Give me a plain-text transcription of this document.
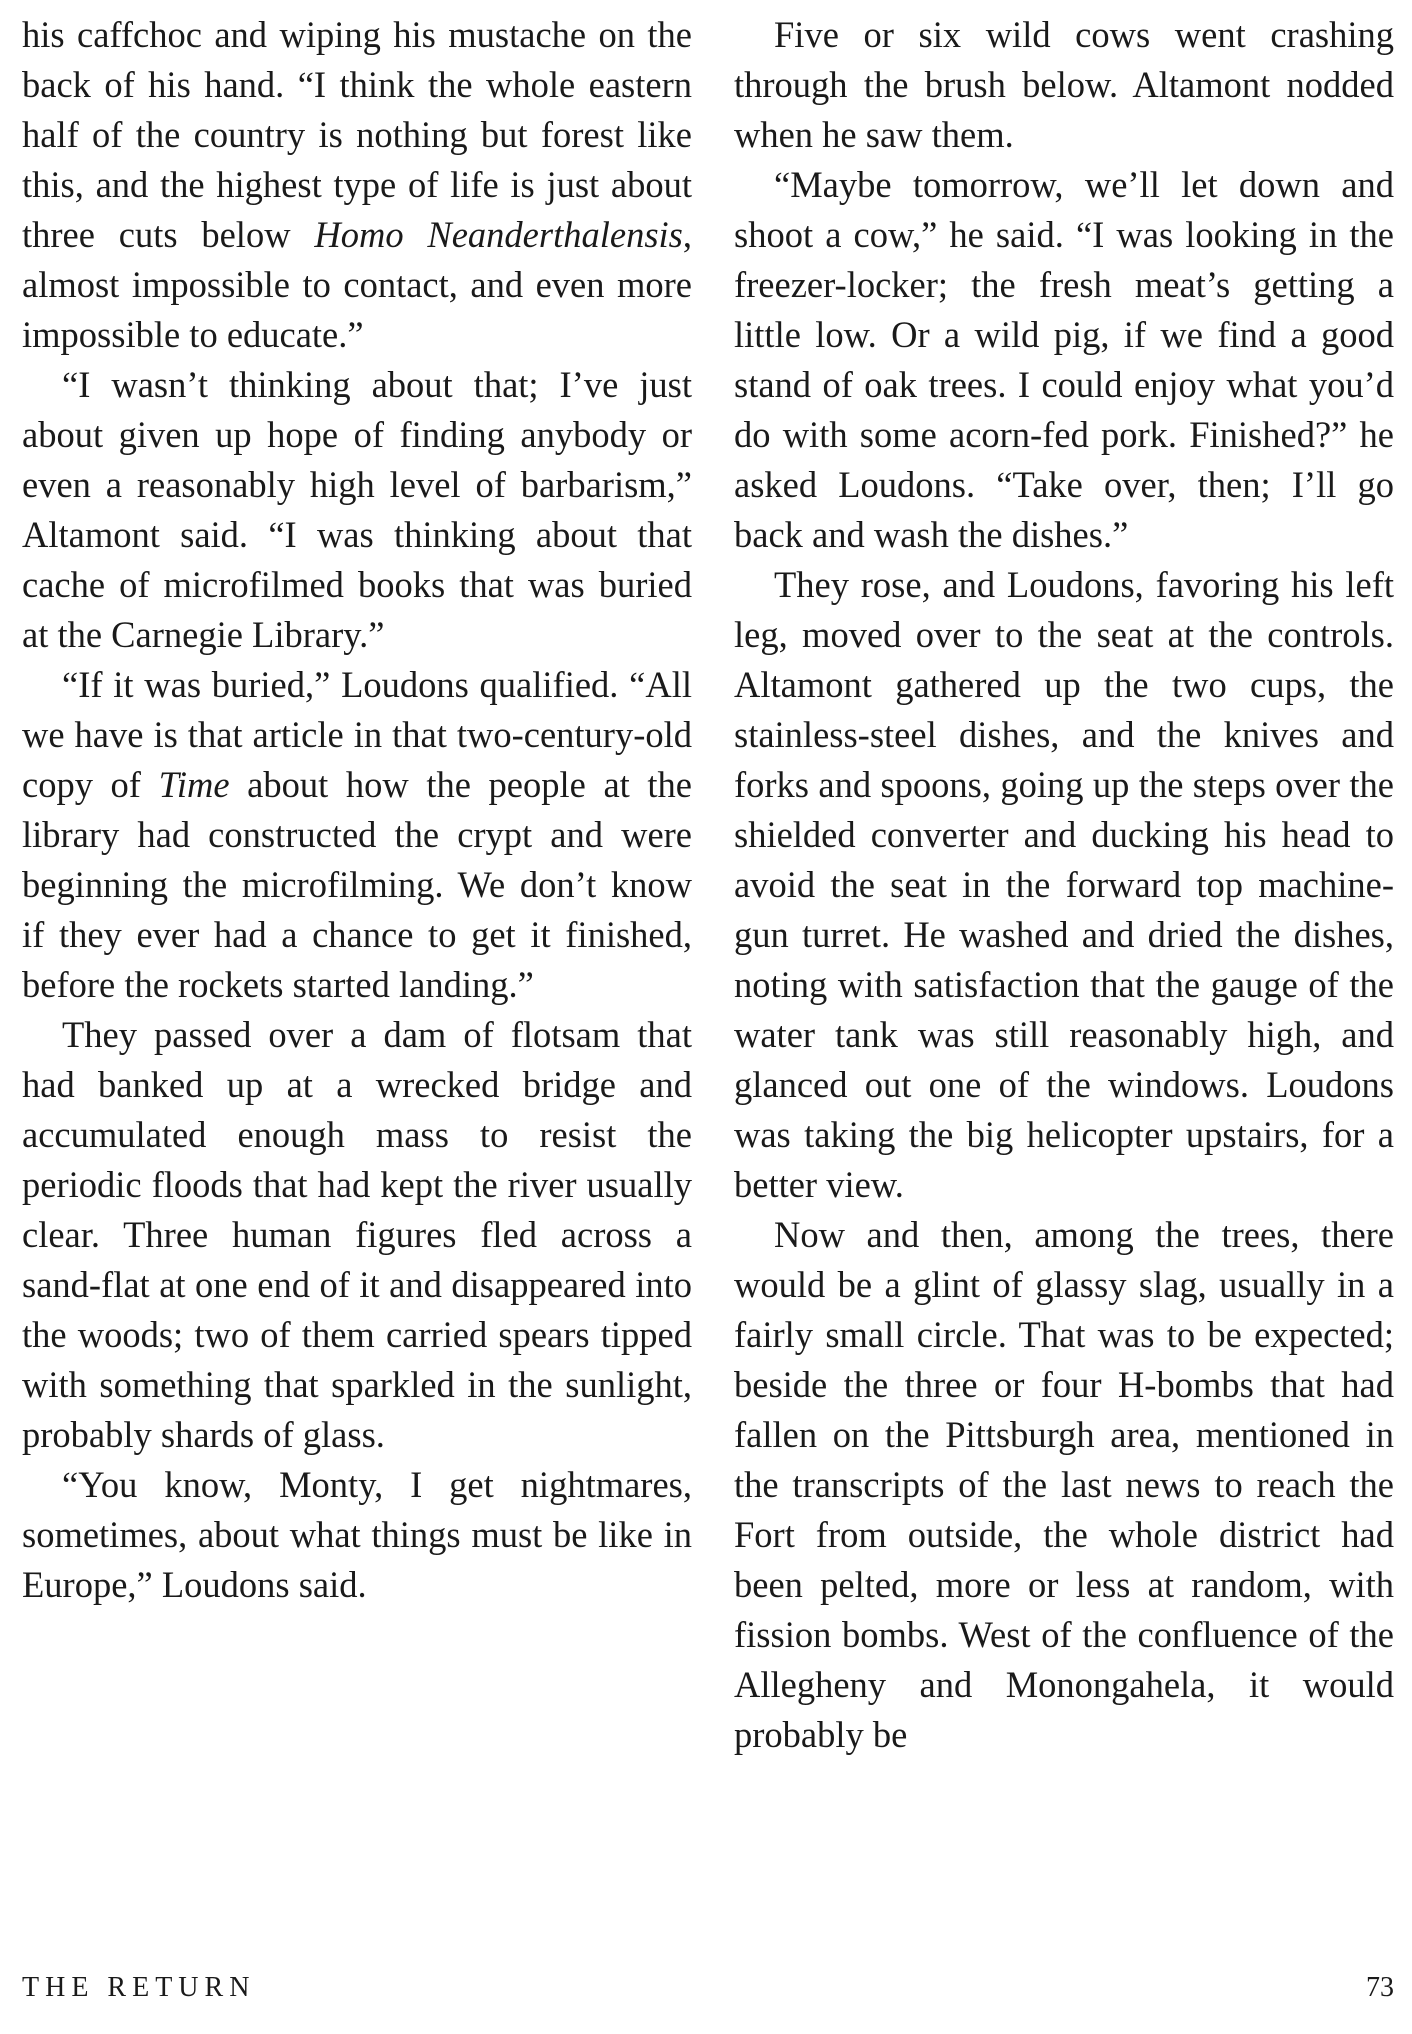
his caffchoc and wiping his mustache on the back of his hand. “I think the whole eastern half of the country is nothing but forest like this, and the highest type of life is just about three cuts below Homo Neanderthalensis, almost impossible to contact, and even more impossible to educate.”

“I wasn’t thinking about that; I’ve just about given up hope of finding anybody or even a reasonably high level of barbarism,” Altamont said. “I was thinking about that cache of microfilmed books that was buried at the Carnegie Library.”

“If it was buried,” Loudons qualified. “All we have is that article in that two-century-old copy of Time about how the people at the library had constructed the crypt and were beginning the microfilming. We don’t know if they ever had a chance to get it finished, before the rockets started landing.”

They passed over a dam of flotsam that had banked up at a wrecked bridge and accumulated enough mass to resist the periodic floods that had kept the river usually clear. Three human figures fled across a sand-flat at one end of it and disappeared into the woods; two of them carried spears tipped with something that sparkled in the sunlight, probably shards of glass.

“You know, Monty, I get nightmares, sometimes, about what things must be like in Europe,” Loudons said.

Five or six wild cows went crashing through the brush below. Altamont nodded when he saw them.

“Maybe tomorrow, we’ll let down and shoot a cow,” he said. “I was looking in the freezer-locker; the fresh meat’s getting a little low. Or a wild pig, if we find a good stand of oak trees. I could enjoy what you’d do with some acorn-fed pork. Finished?” he asked Loudons. “Take over, then; I’ll go back and wash the dishes.”

They rose, and Loudons, favoring his left leg, moved over to the seat at the controls. Altamont gathered up the two cups, the stainless-steel dishes, and the knives and forks and spoons, going up the steps over the shielded converter and ducking his head to avoid the seat in the forward top machine-gun turret. He washed and dried the dishes, noting with satisfaction that the gauge of the water tank was still reasonably high, and glanced out one of the windows. Loudons was taking the big helicopter upstairs, for a better view.

Now and then, among the trees, there would be a glint of glassy slag, usually in a fairly small circle. That was to be expected; beside the three or four H-bombs that had fallen on the Pittsburgh area, mentioned in the transcripts of the last news to reach the Fort from outside, the whole district had been pelted, more or less at random, with fission bombs. West of the confluence of the Allegheny and Monongahela, it would probably be

THE RETURN	73
